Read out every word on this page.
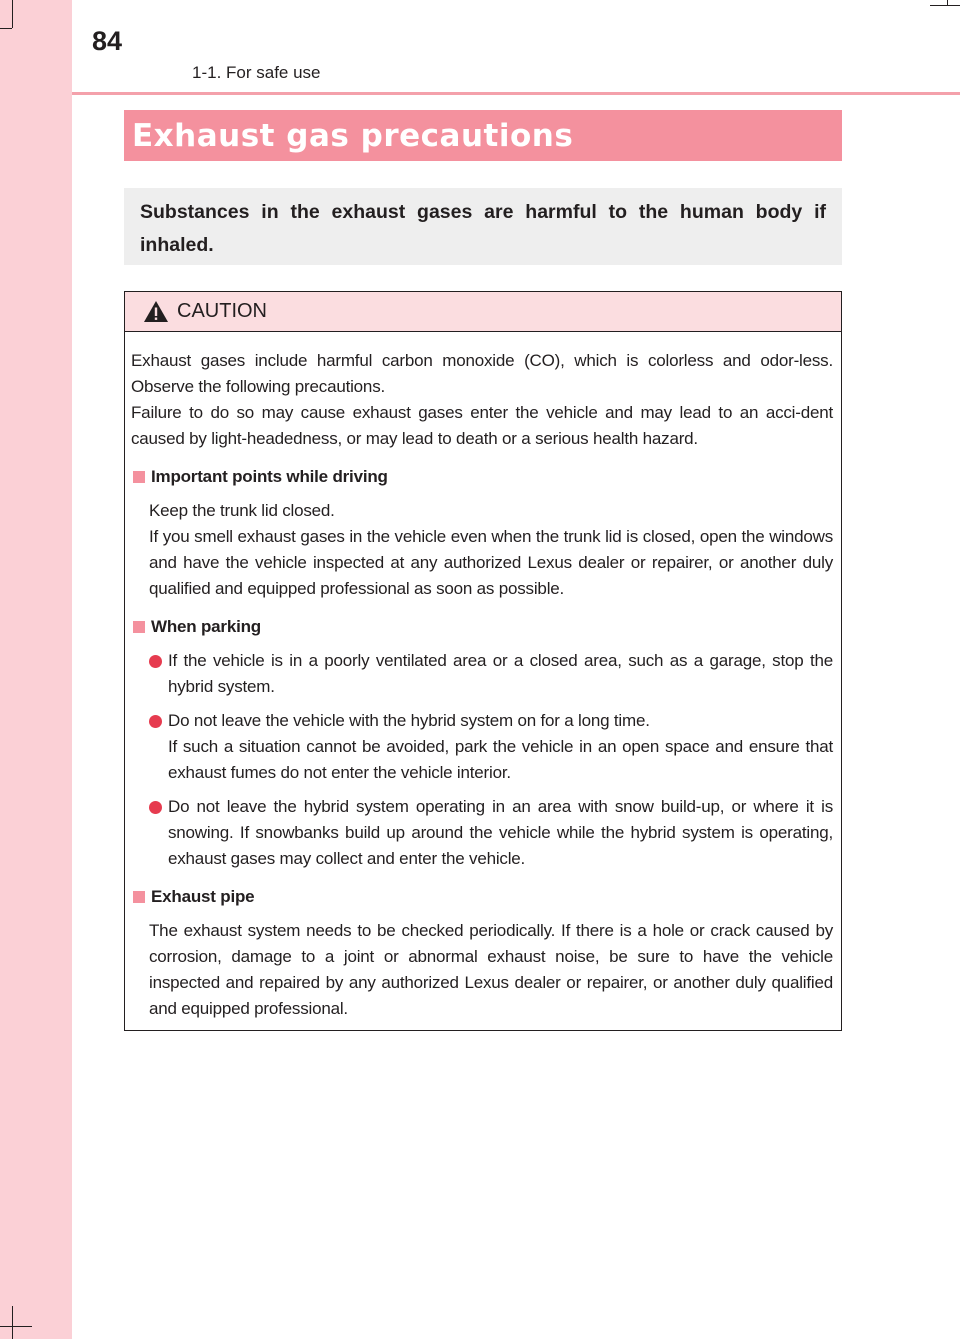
84
1-1. For safe use
Exhaust gas precautions
Substances in the exhaust gases are harmful to the human body if inhaled.
CAUTION

Exhaust gases include harmful carbon monoxide (CO), which is colorless and odor-less. Observe the following precautions.

Failure to do so may cause exhaust gases enter the vehicle and may lead to an acci-dent caused by light-headedness, or may lead to death or a serious health hazard.

Important points while driving

Keep the trunk lid closed.

If you smell exhaust gases in the vehicle even when the trunk lid is closed, open the windows and have the vehicle inspected at any authorized Lexus dealer or repairer, or another duly qualified and equipped professional as soon as possible.

When parking
If the vehicle is in a poorly ventilated area or a closed area, such as a garage, stop the hybrid system.
Do not leave the vehicle with the hybrid system on for a long time.
If such a situation cannot be avoided, park the vehicle in an open space and ensure that exhaust fumes do not enter the vehicle interior.
Do not leave the hybrid system operating in an area with snow build-up, or where it is snowing. If snowbanks build up around the vehicle while the hybrid system is operating, exhaust gases may collect and enter the vehicle.
Exhaust pipe

The exhaust system needs to be checked periodically. If there is a hole or crack caused by corrosion, damage to a joint or abnormal exhaust noise, be sure to have the vehicle inspected and repaired by any authorized Lexus dealer or repairer, or another duly qualified and equipped professional.
